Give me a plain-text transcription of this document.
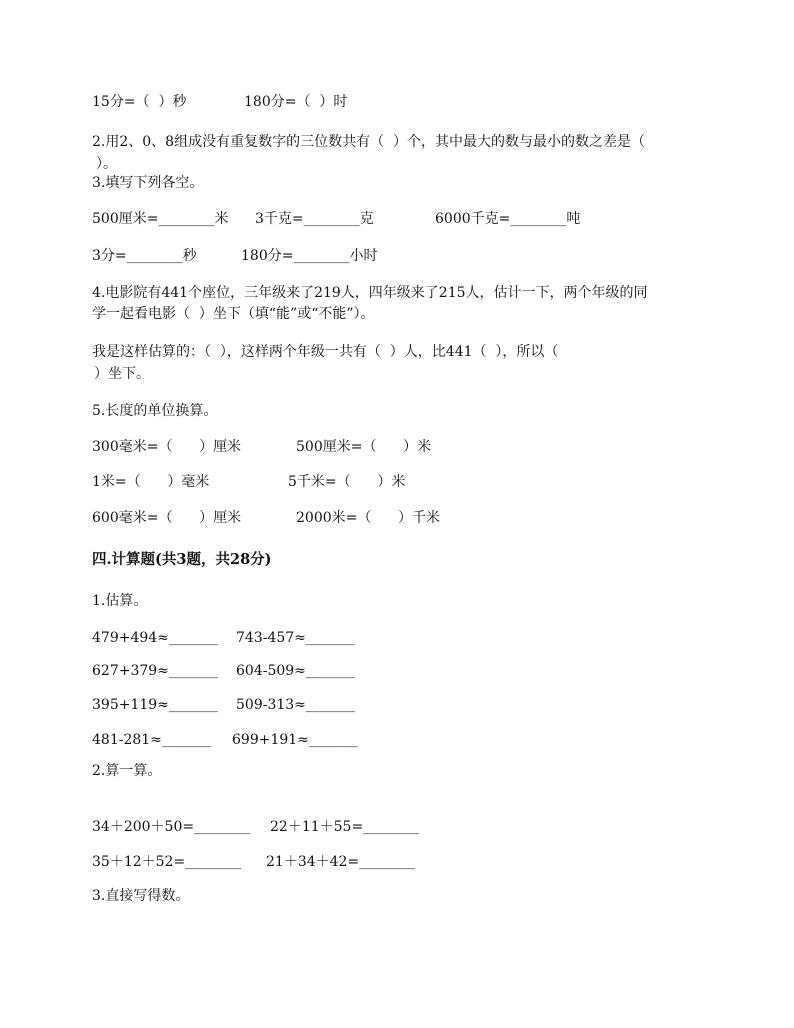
15分=（  ）秒	180分=（  ）时
2.用2、0、8组成没有重复数字的三位数共有（  ）个，其中最大的数与最小的数之差是（
）。
3.填写下列各空。
500厘米=________米 3千克=________克	6000千克=________吨
3分=________秒	180分=________小时
4.电影院有441个座位，三年级来了219人，四年级来了215人，估计一下，两个年级的同
学一起看电影（  ）坐下（填“能”或“不能”）。
我是这样估算的：（  ），这样两个年级一共有（  ）人，比441（  ），所以（
）坐下。
5.长度的单位换算。
300毫米=（      ）厘米	500厘米=（      ）米
1米=（      ）毫米	5千米=（      ）米
600毫米=（      ）厘米	2000米=（      ）千米
四.计算题(共3题，共28分)
1.估算。
479+494≈_______ 743-457≈_______
627+379≈_______ 604-509≈_______
395+119≈_______ 509-313≈_______
481-281≈_______ 699+191≈_______
2.算一算。
34＋200＋50=________ 22＋11＋55=________
35＋12＋52=________ 21＋34＋42=________
3.直接写得数。
